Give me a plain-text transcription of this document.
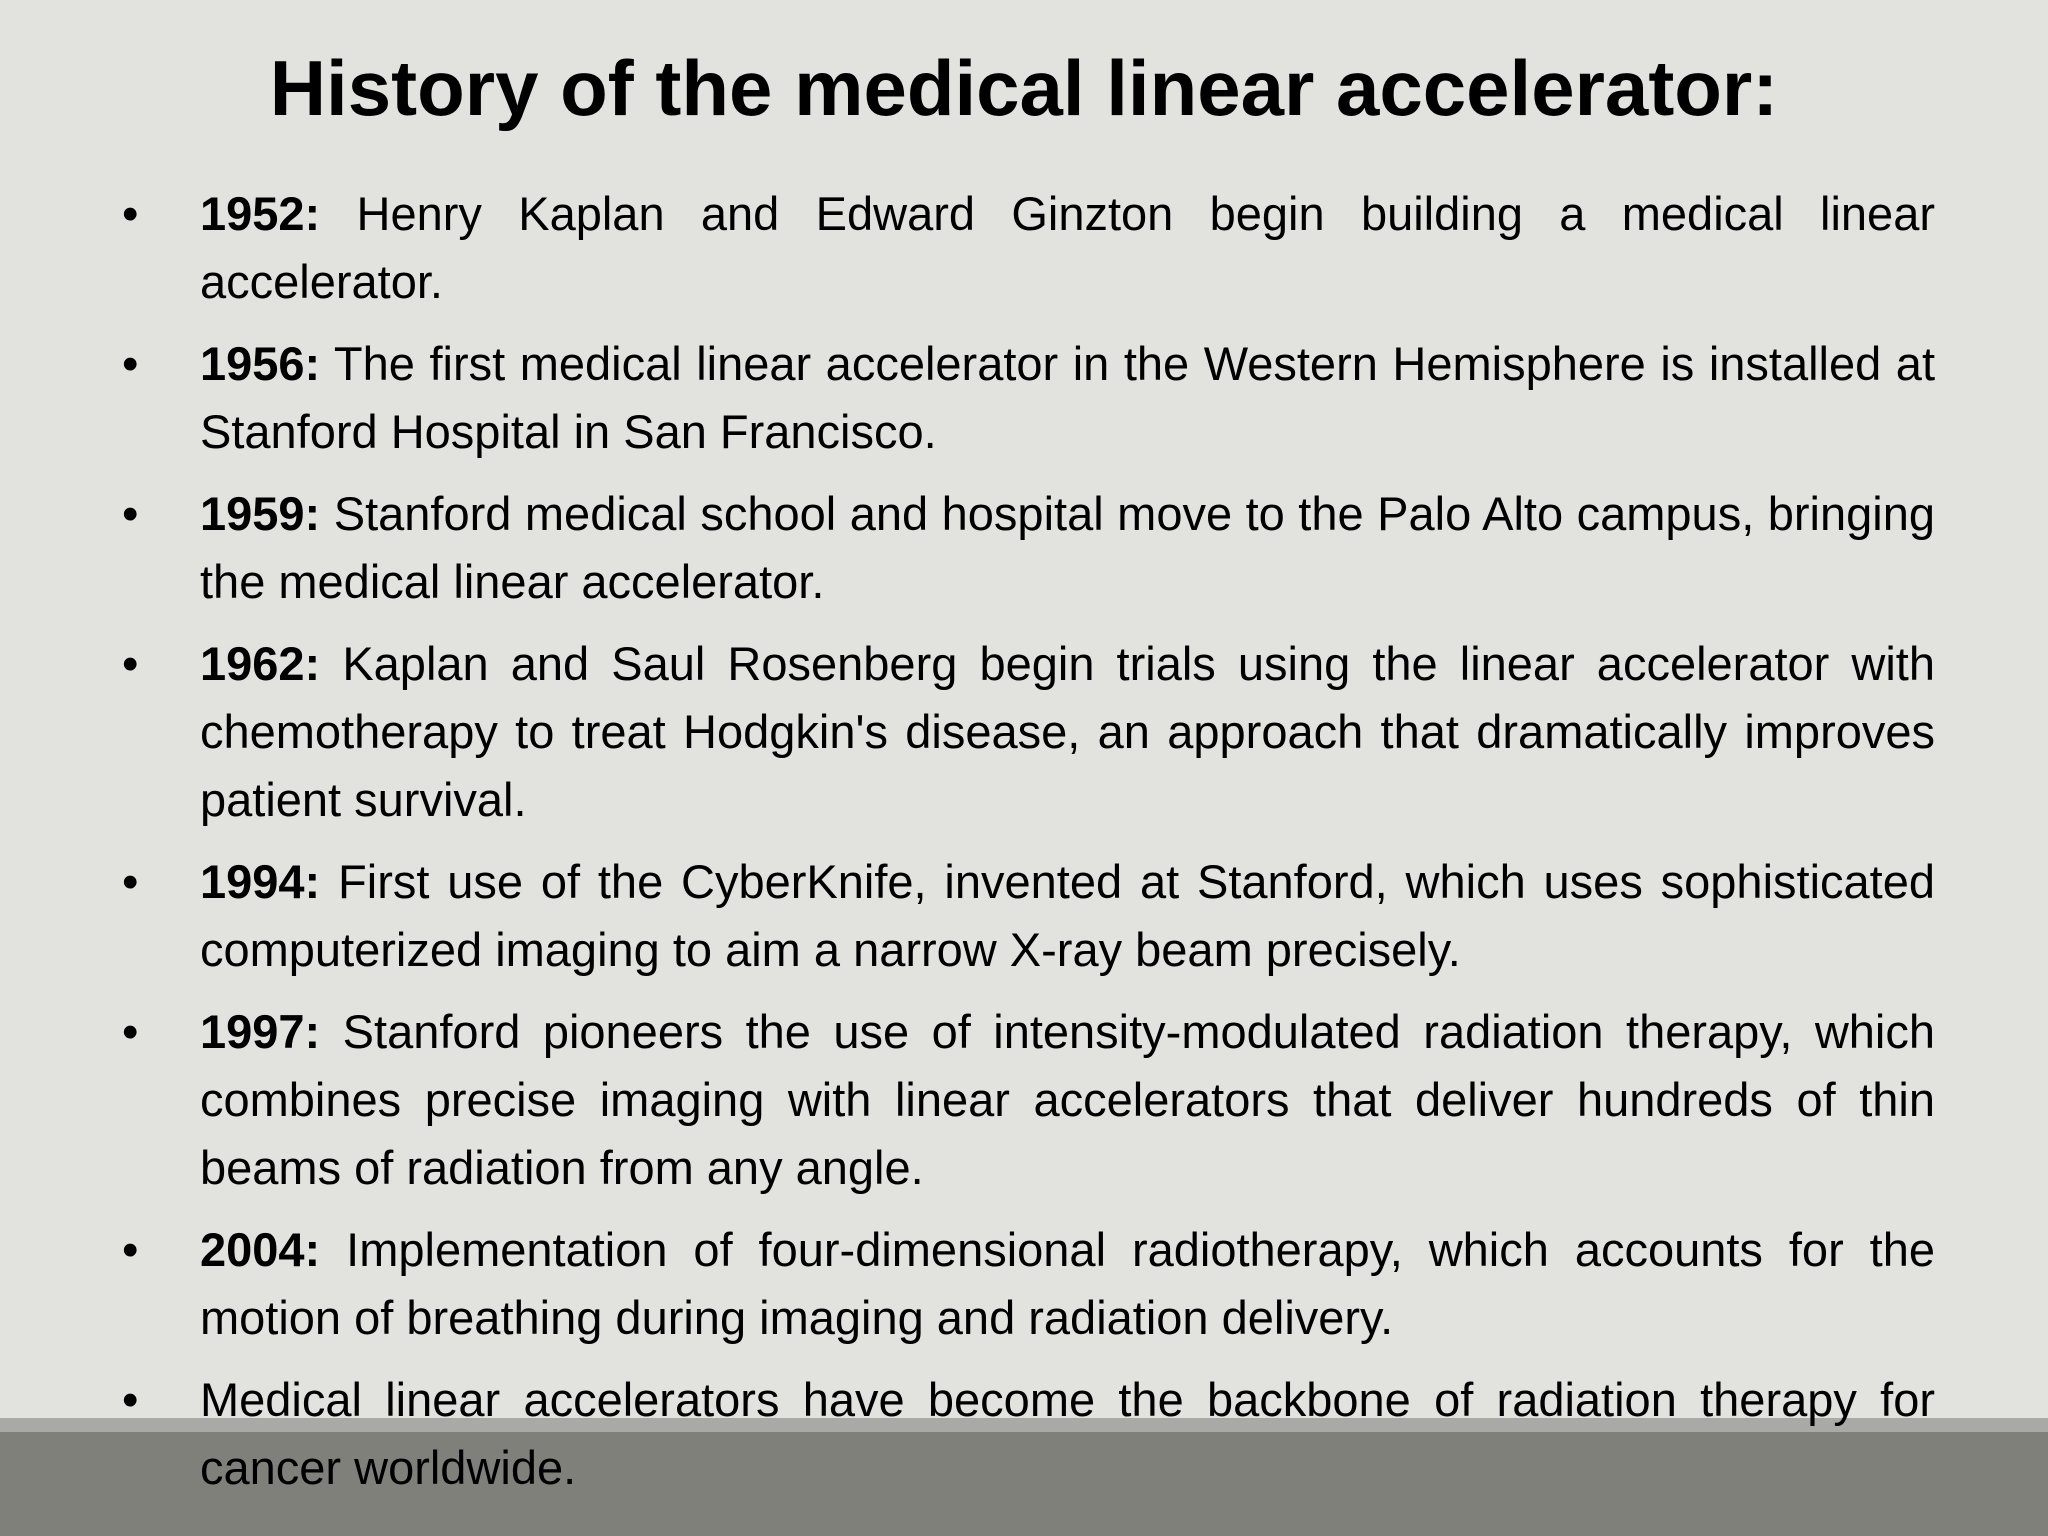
History of the medical linear accelerator:
•	1952: Henry Kaplan and Edward Ginzton begin building a medical linear accelerator.
•	1956: The first medical linear accelerator in the Western Hemisphere is installed at Stanford Hospital in San Francisco.
•	1959: Stanford medical school and hospital move to the Palo Alto campus, bringing the medical linear accelerator.
•	1962: Kaplan and Saul Rosenberg begin trials using the linear accelerator with chemotherapy to treat Hodgkin's disease, an approach that dramatically improves patient survival.
•	1994: First use of the CyberKnife, invented at Stanford, which uses sophisticated computerized imaging to aim a narrow X-ray beam precisely.
•	1997: Stanford pioneers the use of intensity-modulated radiation therapy, which combines precise imaging with linear accelerators that deliver hundreds of thin beams of radiation from any angle.
•	2004: Implementation of four-dimensional radiotherapy, which accounts for the motion of breathing during imaging and radiation delivery.
•	Medical linear accelerators have become the backbone of radiation therapy for cancer worldwide.
